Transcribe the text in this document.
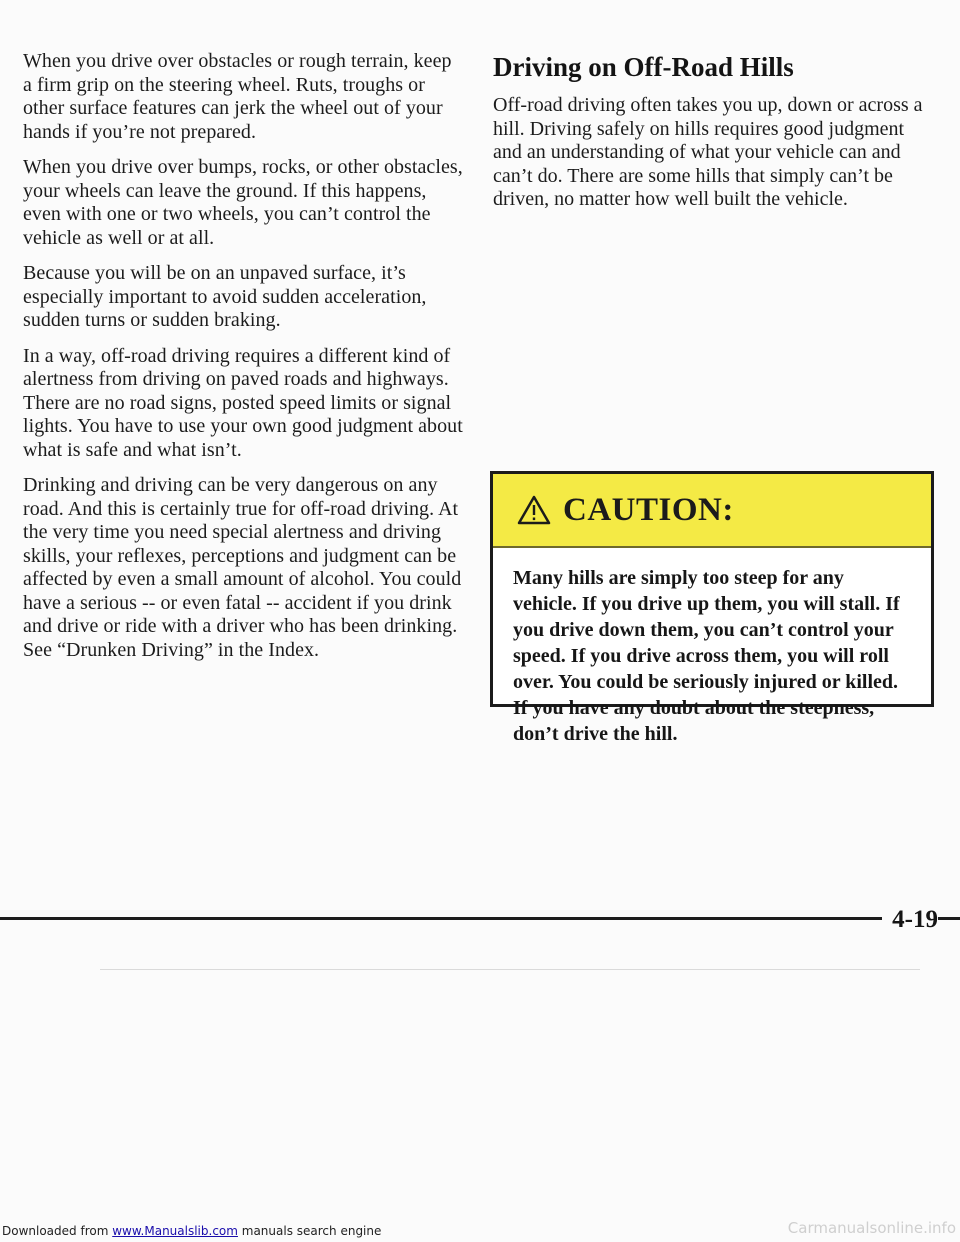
When you drive over obstacles or rough terrain, keep a firm grip on the steering wheel. Ruts, troughs or other surface features can jerk the wheel out of your hands if you’re not prepared.

When you drive over bumps, rocks, or other obstacles, your wheels can leave the ground. If this happens, even with one or two wheels, you can’t control the vehicle as well or at all.

Because you will be on an unpaved surface, it’s especially important to avoid sudden acceleration, sudden turns or sudden braking.

In a way, off-road driving requires a different kind of alertness from driving on paved roads and highways. There are no road signs, posted speed limits or signal lights. You have to use your own good judgment about what is safe and what isn’t.

Drinking and driving can be very dangerous on any road. And this is certainly true for off-road driving. At the very time you need special alertness and driving skills, your reflexes, perceptions and judgment can be affected by even a small amount of alcohol. You could have a serious -- or even fatal -- accident if you drink and drive or ride with a driver who has been drinking. See “Drunken Driving” in the Index.

Driving on Off-Road Hills

Off-road driving often takes you up, down or across a hill. Driving safely on hills requires good judgment and an understanding of what your vehicle can and can’t do. There are some hills that simply can’t be driven, no matter how well built the vehicle.

CAUTION:

Many hills are simply too steep for any vehicle. If you drive up them, you will stall. If you drive down them, you can’t control your speed. If you drive across them, you will roll over. You could be seriously injured or killed. If you have any doubt about the steepness, don’t drive the hill.

4-19
Downloaded from www.Manualslib.com manuals search engine	Carmanualsonline.info
